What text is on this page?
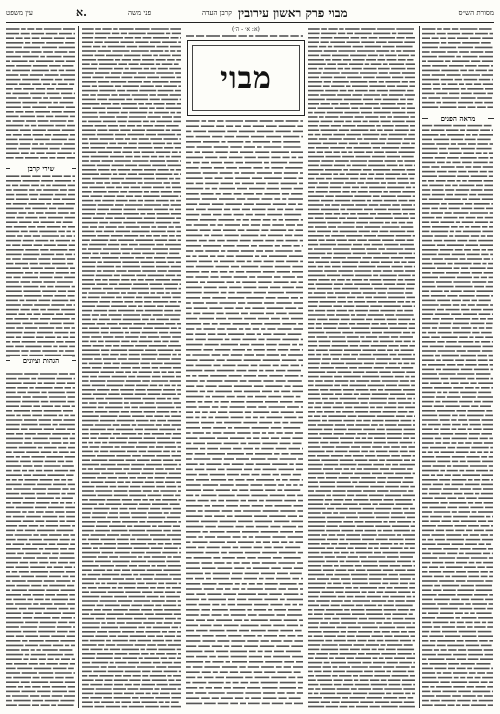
עין משפט	א.	פני משה	קרבן העדה מבוי פרק ראשון עירובין	מסורת הש״ס
(א: א׳ - ה׳)
שירי קרבן
הגהות וציונים
מראה הפנים
מבוי
